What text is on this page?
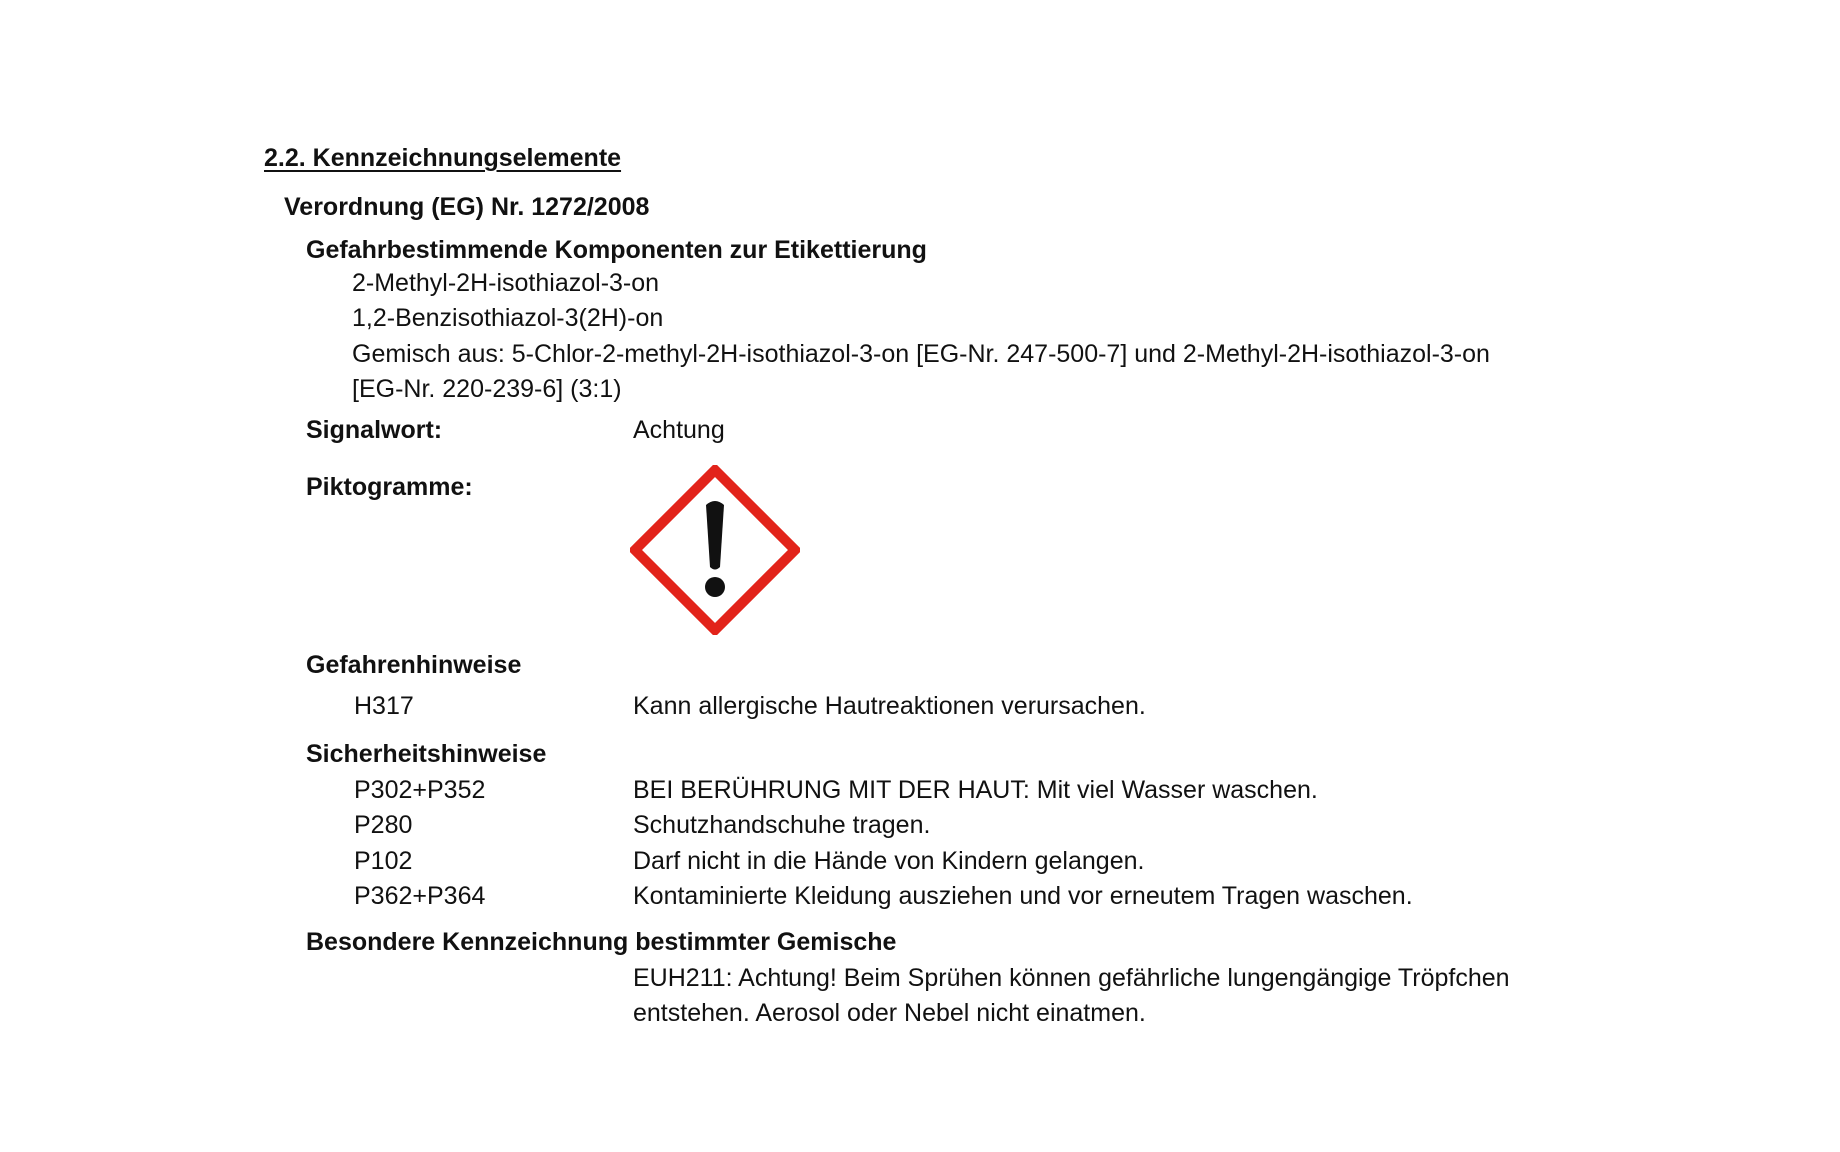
2.2. Kennzeichnungselemente
Verordnung (EG) Nr. 1272/2008
Gefahrbestimmende Komponenten zur Etikettierung
2-Methyl-2H-isothiazol-3-on
1,2-Benzisothiazol-3(2H)-on
Gemisch aus: 5-Chlor-2-methyl-2H-isothiazol-3-on [EG-Nr. 247-500-7] und 2-Methyl-2H-isothiazol-3-on
[EG-Nr. 220-239-6] (3:1)
Signalwort:	Achtung
Piktogramme:
Gefahrenhinweise
H317	Kann allergische Hautreaktionen verursachen.
Sicherheitshinweise
P302+P352	BEI BERÜHRUNG MIT DER HAUT: Mit viel Wasser waschen.
P280	Schutzhandschuhe tragen.
P102	Darf nicht in die Hände von Kindern gelangen.
P362+P364	Kontaminierte Kleidung ausziehen und vor erneutem Tragen waschen.
Besondere Kennzeichnung bestimmter Gemische
EUH211: Achtung! Beim Sprühen können gefährliche lungengängige Tröpfchen
entstehen. Aerosol oder Nebel nicht einatmen.
